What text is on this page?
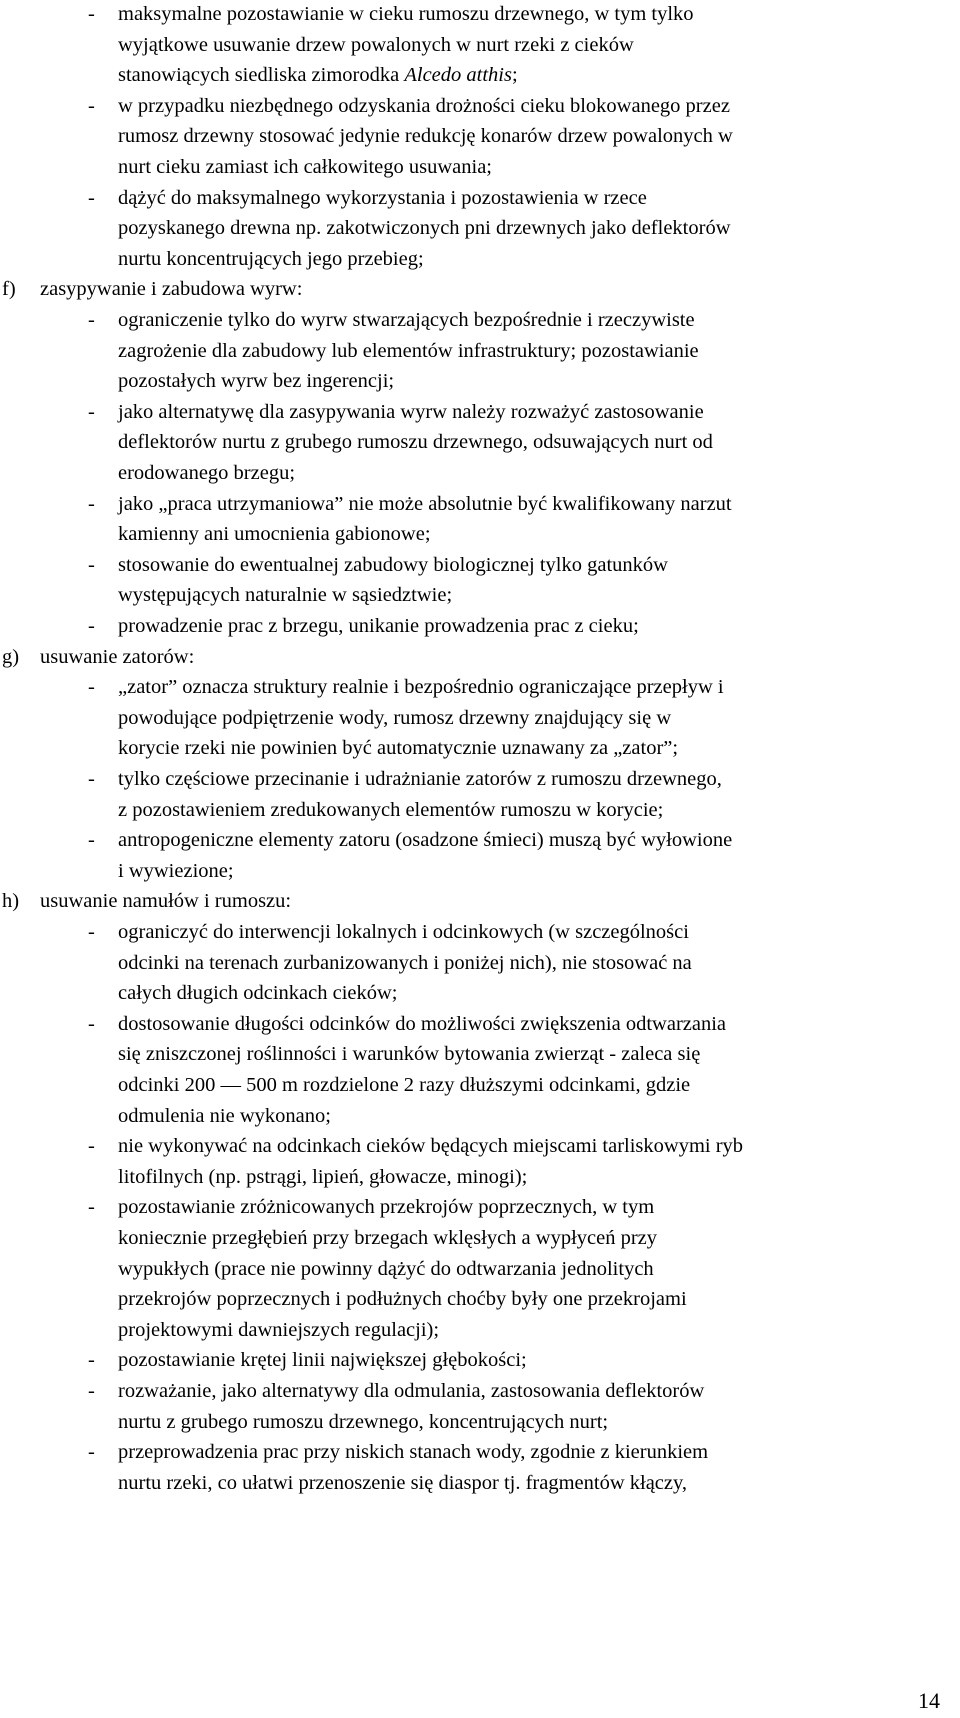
- maksymalne pozostawianie w cieku rumoszu drzewnego, w tym tylko
wyjątkowe usuwanie drzew powalonych w nurt rzeki z cieków
stanowiących siedliska zimorodka Alcedo atthis;
- w przypadku niezbędnego odzyskania drożności cieku blokowanego przez
rumosz drzewny stosować jedynie redukcję konarów drzew powalonych w
nurt cieku zamiast ich całkowitego usuwania;
- dążyć do maksymalnego wykorzystania i pozostawienia w rzece
pozyskanego drewna np. zakotwiczonych pni drzewnych jako deflektorów
nurtu koncentrujących jego przebieg;
f) zasypywanie i zabudowa wyrw:
- ograniczenie tylko do wyrw stwarzających bezpośrednie i rzeczywiste
zagrożenie dla zabudowy lub elementów infrastruktury; pozostawianie
pozostałych wyrw bez ingerencji;
- jako alternatywę dla zasypywania wyrw należy rozważyć zastosowanie
deflektorów nurtu z grubego rumoszu drzewnego, odsuwających nurt od
erodowanego brzegu;
- jako „praca utrzymaniowa” nie może absolutnie być kwalifikowany narzut
kamienny ani umocnienia gabionowe;
- stosowanie do ewentualnej zabudowy biologicznej tylko gatunków
występujących naturalnie w sąsiedztwie;
- prowadzenie prac z brzegu, unikanie prowadzenia prac z cieku;
g) usuwanie zatorów:
- „zator” oznacza struktury realnie i bezpośrednio ograniczające przepływ i
powodujące podpiętrzenie wody, rumosz drzewny znajdujący się w
korycie rzeki nie powinien być automatycznie uznawany za „zator”;
- tylko częściowe przecinanie i udrażnianie zatorów z rumoszu drzewnego,
z pozostawieniem zredukowanych elementów rumoszu w korycie;
- antropogeniczne elementy zatoru (osadzone śmieci) muszą być wyłowione
i wywiezione;
h) usuwanie namułów i rumoszu:
- ograniczyć do interwencji lokalnych i odcinkowych (w szczególności
odcinki na terenach zurbanizowanych i poniżej nich), nie stosować na
całych długich odcinkach cieków;
- dostosowanie długości odcinków do możliwości zwiększenia odtwarzania
się zniszczonej roślinności i warunków bytowania zwierząt - zaleca się
odcinki 200 — 500 m rozdzielone 2 razy dłuższymi odcinkami, gdzie
odmulenia nie wykonano;
- nie wykonywać na odcinkach cieków będących miejscami tarliskowymi ryb
litofilnych (np. pstrągi, lipień, głowacze, minogi);
- pozostawianie zróżnicowanych przekrojów poprzecznych, w tym
koniecznie przegłębień przy brzegach wklęsłych a wypłyceń przy
wypukłych (prace nie powinny dążyć do odtwarzania jednolitych
przekrojów poprzecznych i podłużnych choćby były one przekrojami
projektowymi dawniejszych regulacji);
- pozostawianie krętej linii największej głębokości;
- rozważanie, jako alternatywy dla odmulania, zastosowania deflektorów
nurtu z grubego rumoszu drzewnego, koncentrujących nurt;
- przeprowadzenia prac przy niskich stanach wody, zgodnie z kierunkiem
nurtu rzeki, co ułatwi przenoszenie się diaspor tj. fragmentów kłączy,
14
